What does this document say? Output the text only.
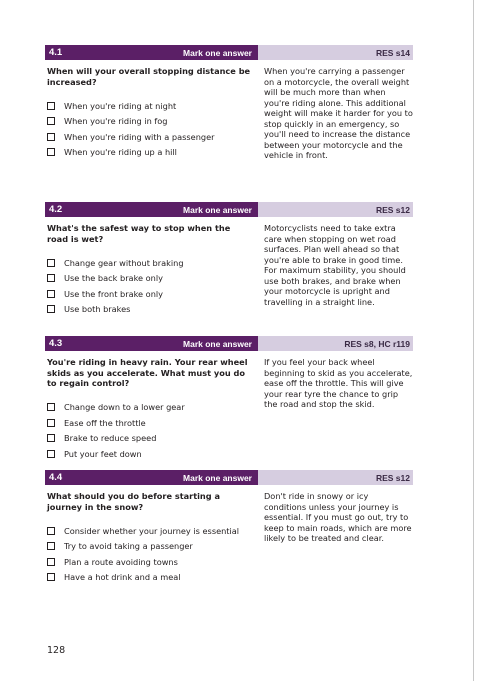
4.1	Mark one answer	RES s14
When will your overall stopping distance be increased?
When you're riding at night
When you're riding in fog
When you're riding with a passenger
When you're riding up a hill
When you're carrying a passenger on a motorcycle, the overall weight will be much more than when you're riding alone. This additional weight will make it harder for you to stop quickly in an emergency, so you'll need to increase the distance between your motorcycle and the vehicle in front.
4.2	Mark one answer	RES s12
What's the safest way to stop when the road is wet?
Change gear without braking
Use the back brake only
Use the front brake only
Use both brakes
Motorcyclists need to take extra care when stopping on wet road surfaces. Plan well ahead so that you're able to brake in good time. For maximum stability, you should use both brakes, and brake when your motorcycle is upright and travelling in a straight line.
4.3	Mark one answer	RES s8, HC r119
You're riding in heavy rain. Your rear wheel skids as you accelerate. What must you do to regain control?
Change down to a lower gear
Ease off the throttle
Brake to reduce speed
Put your feet down
If you feel your back wheel beginning to skid as you accelerate, ease off the throttle. This will give your rear tyre the chance to grip the road and stop the skid.
4.4	Mark one answer	RES s12
What should you do before starting a journey in the snow?
Consider whether your journey is essential
Try to avoid taking a passenger
Plan a route avoiding towns
Have a hot drink and a meal
Don't ride in snowy or icy conditions unless your journey is essential. If you must go out, try to keep to main roads, which are more likely to be treated and clear.
128
